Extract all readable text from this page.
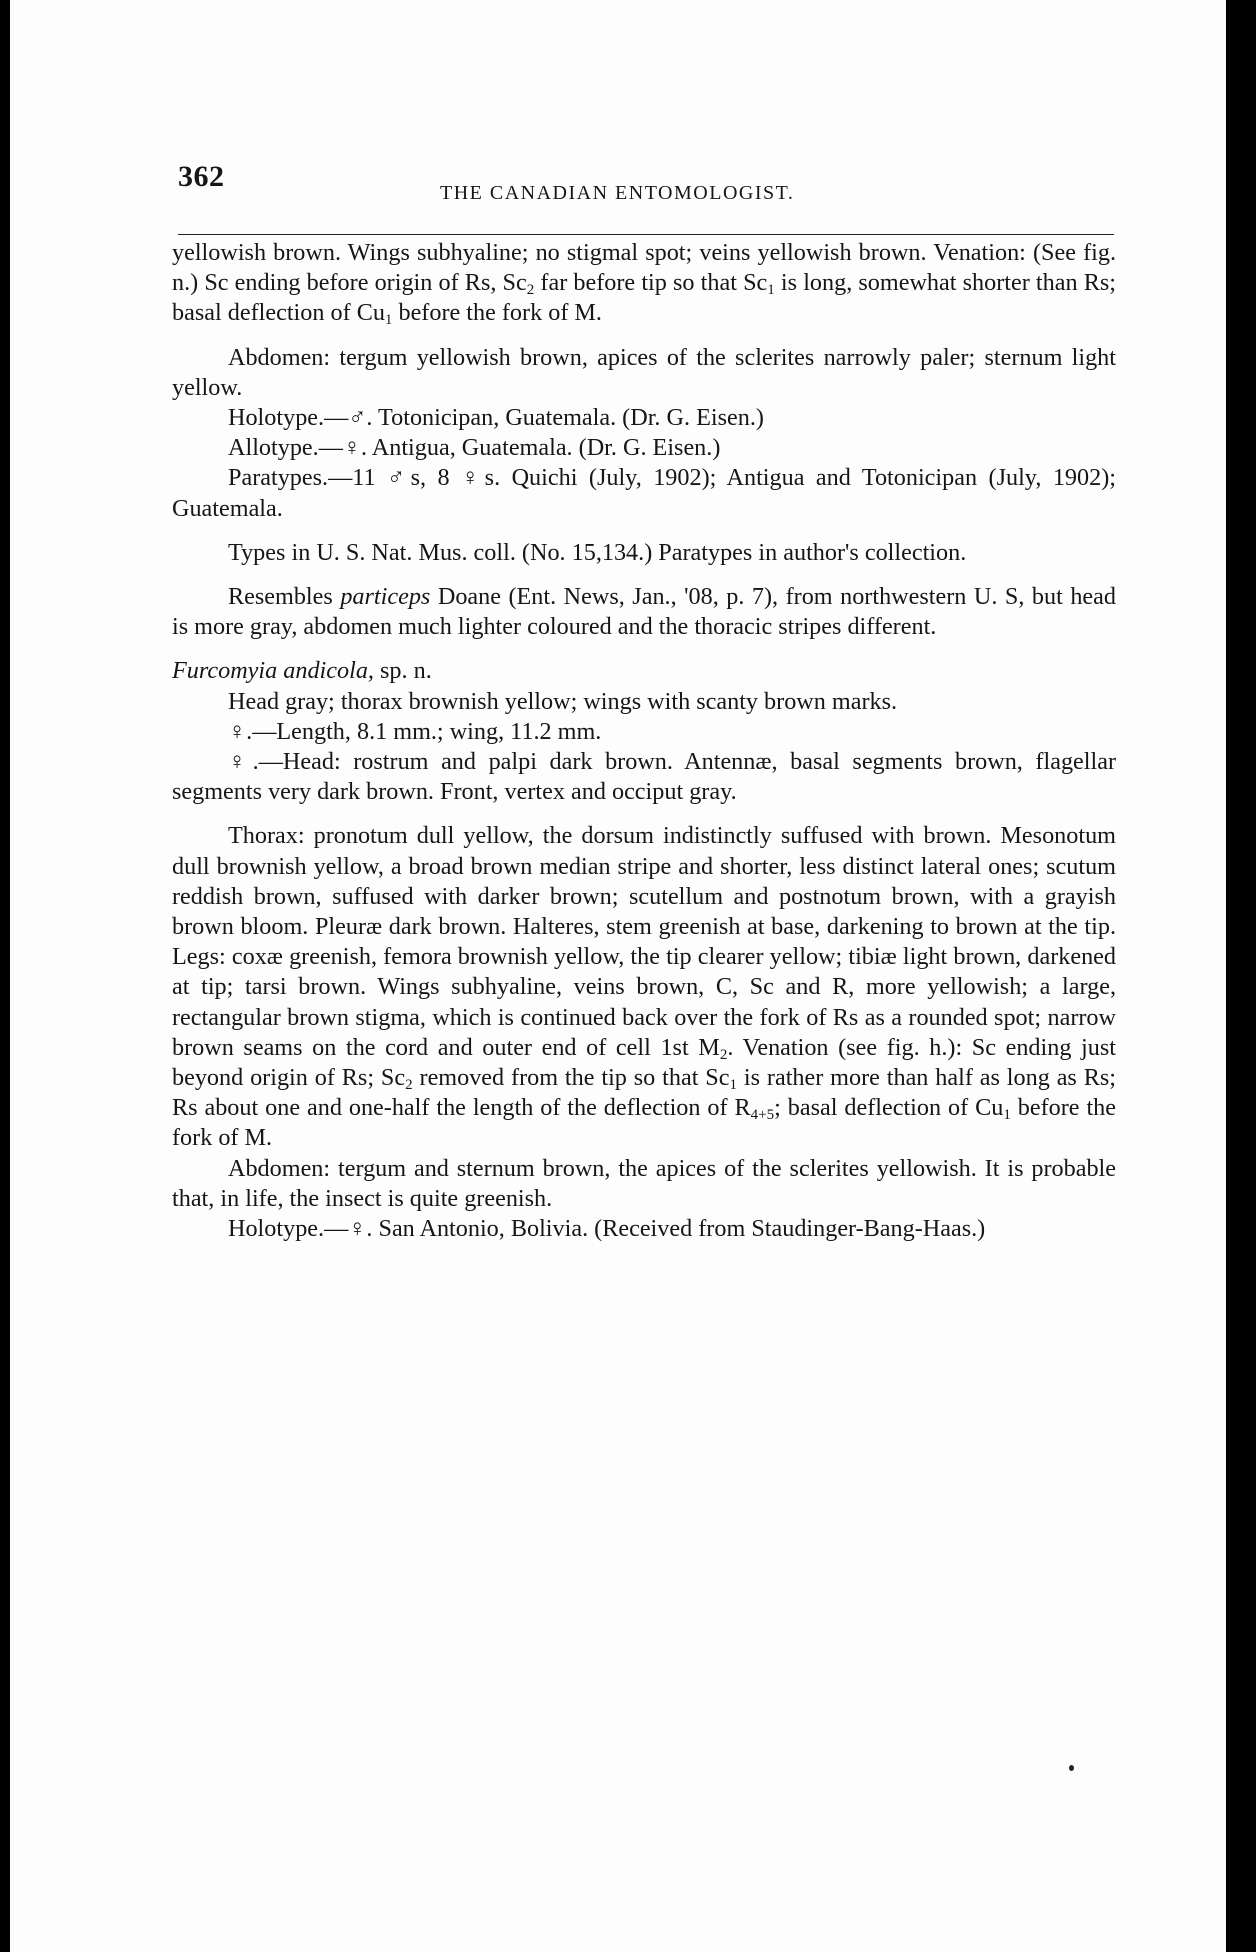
362	THE CANADIAN ENTOMOLOGIST.

yellowish brown. Wings subhyaline; no stigmal spot; veins yellowish brown. Venation: (See fig. n.) Sc ending before origin of Rs, $Sc_2$ far before tip so that $Sc_1$ is long, somewhat shorter than Rs; basal deflection of $Cu_1$ before the fork of M.

Abdomen: tergum yellowish brown, apices of the sclerites narrowly paler; sternum light yellow.

Holotype.—♂. Totonicipan, Guatemala. (Dr. G. Eisen.)

Allotype.—♀. Antigua, Guatemala. (Dr. G. Eisen.)

Paratypes.—11 ♂s, 8 ♀s. Quichi (July, 1902); Antigua and Totonicipan (July, 1902); Guatemala.

Types in U. S. Nat. Mus. coll. (No. 15,134.) Paratypes in author's collection.

Resembles particeps Doane (Ent. News, Jan., '08, p. 7), from northwestern U. S, but head is more gray, abdomen much lighter coloured and the thoracic stripes different.

Furcomyia andicola, sp. n.

Head gray; thorax brownish yellow; wings with scanty brown marks.

♀.—Length, 8.1 mm.; wing, 11.2 mm.

♀.—Head: rostrum and palpi dark brown. Antennæ, basal segments brown, flagellar segments very dark brown. Front, vertex and occiput gray.

Thorax: pronotum dull yellow, the dorsum indistinctly suffused with brown. Mesonotum dull brownish yellow, a broad brown median stripe and shorter, less distinct lateral ones; scutum reddish brown, suffused with darker brown; scutellum and postnotum brown, with a grayish brown bloom. Pleuræ dark brown. Halteres, stem greenish at base, darkening to brown at the tip. Legs: coxæ greenish, femora brownish yellow, the tip clearer yellow; tibiæ light brown, darkened at tip; tarsi brown. Wings subhyaline, veins brown, C, Sc and R, more yellowish; a large, rectangular brown stigma, which is continued back over the fork of Rs as a rounded spot; narrow brown seams on the cord and outer end of cell 1st $M_2$. Venation (see fig. h.): Sc ending just beyond origin of Rs; $Sc_2$ removed from the tip so that $Sc_1$ is rather more than half as long as Rs; Rs about one and one-half the length of the deflection of $R_{4+5}$; basal deflection of $Cu_1$ before the fork of M.

Abdomen: tergum and sternum brown, the apices of the sclerites yellowish. It is probable that, in life, the insect is quite greenish.

Holotype.—♀. San Antonio, Bolivia. (Received from Staudinger-Bang-Haas.)
